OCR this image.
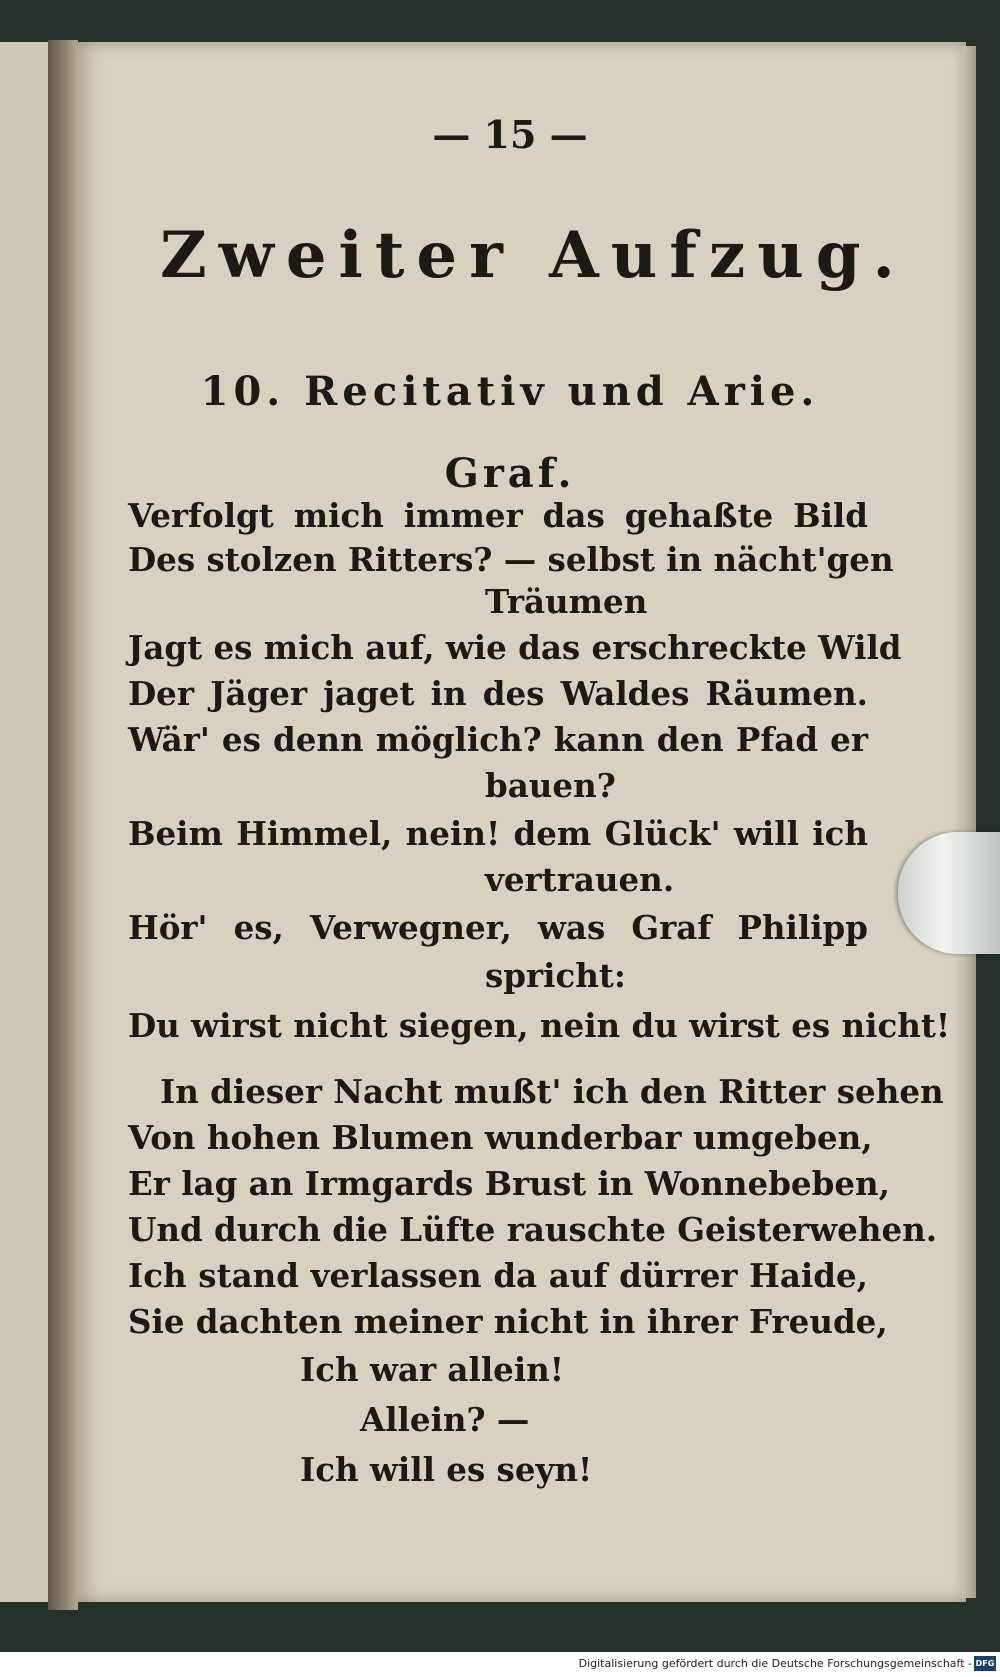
— 15 —
Zweiter Aufzug.
10. Recitativ und Arie.
Graf.

Verfolgt mich immer das gehaßte Bild

Des stolzen Ritters? — selbst in nächt'gen

Träumen

Jagt es mich auf, wie das erschreckte Wild

Der Jäger jaget in des Waldes Räumen.

Wär' es denn möglich? kann den Pfad er

bauen?

Beim Himmel, nein! dem Glück' will ich

vertrauen.

Hör' es, Verwegner, was Graf Philipp

spricht:

Du wirst nicht siegen, nein du wirst es nicht!

In dieser Nacht mußt' ich den Ritter sehen

Von hohen Blumen wunderbar umgeben,

Er lag an Irmgards Brust in Wonnebeben,

Und durch die Lüfte rauschte Geisterwehen.

Ich stand verlassen da auf dürrer Haide,

Sie dachten meiner nicht in ihrer Freude,

Ich war allein!

Allein? —

Ich will es seyn!

Digitalisierung gefördert durch die Deutsche Forschungsgemeinschaft - DFG
